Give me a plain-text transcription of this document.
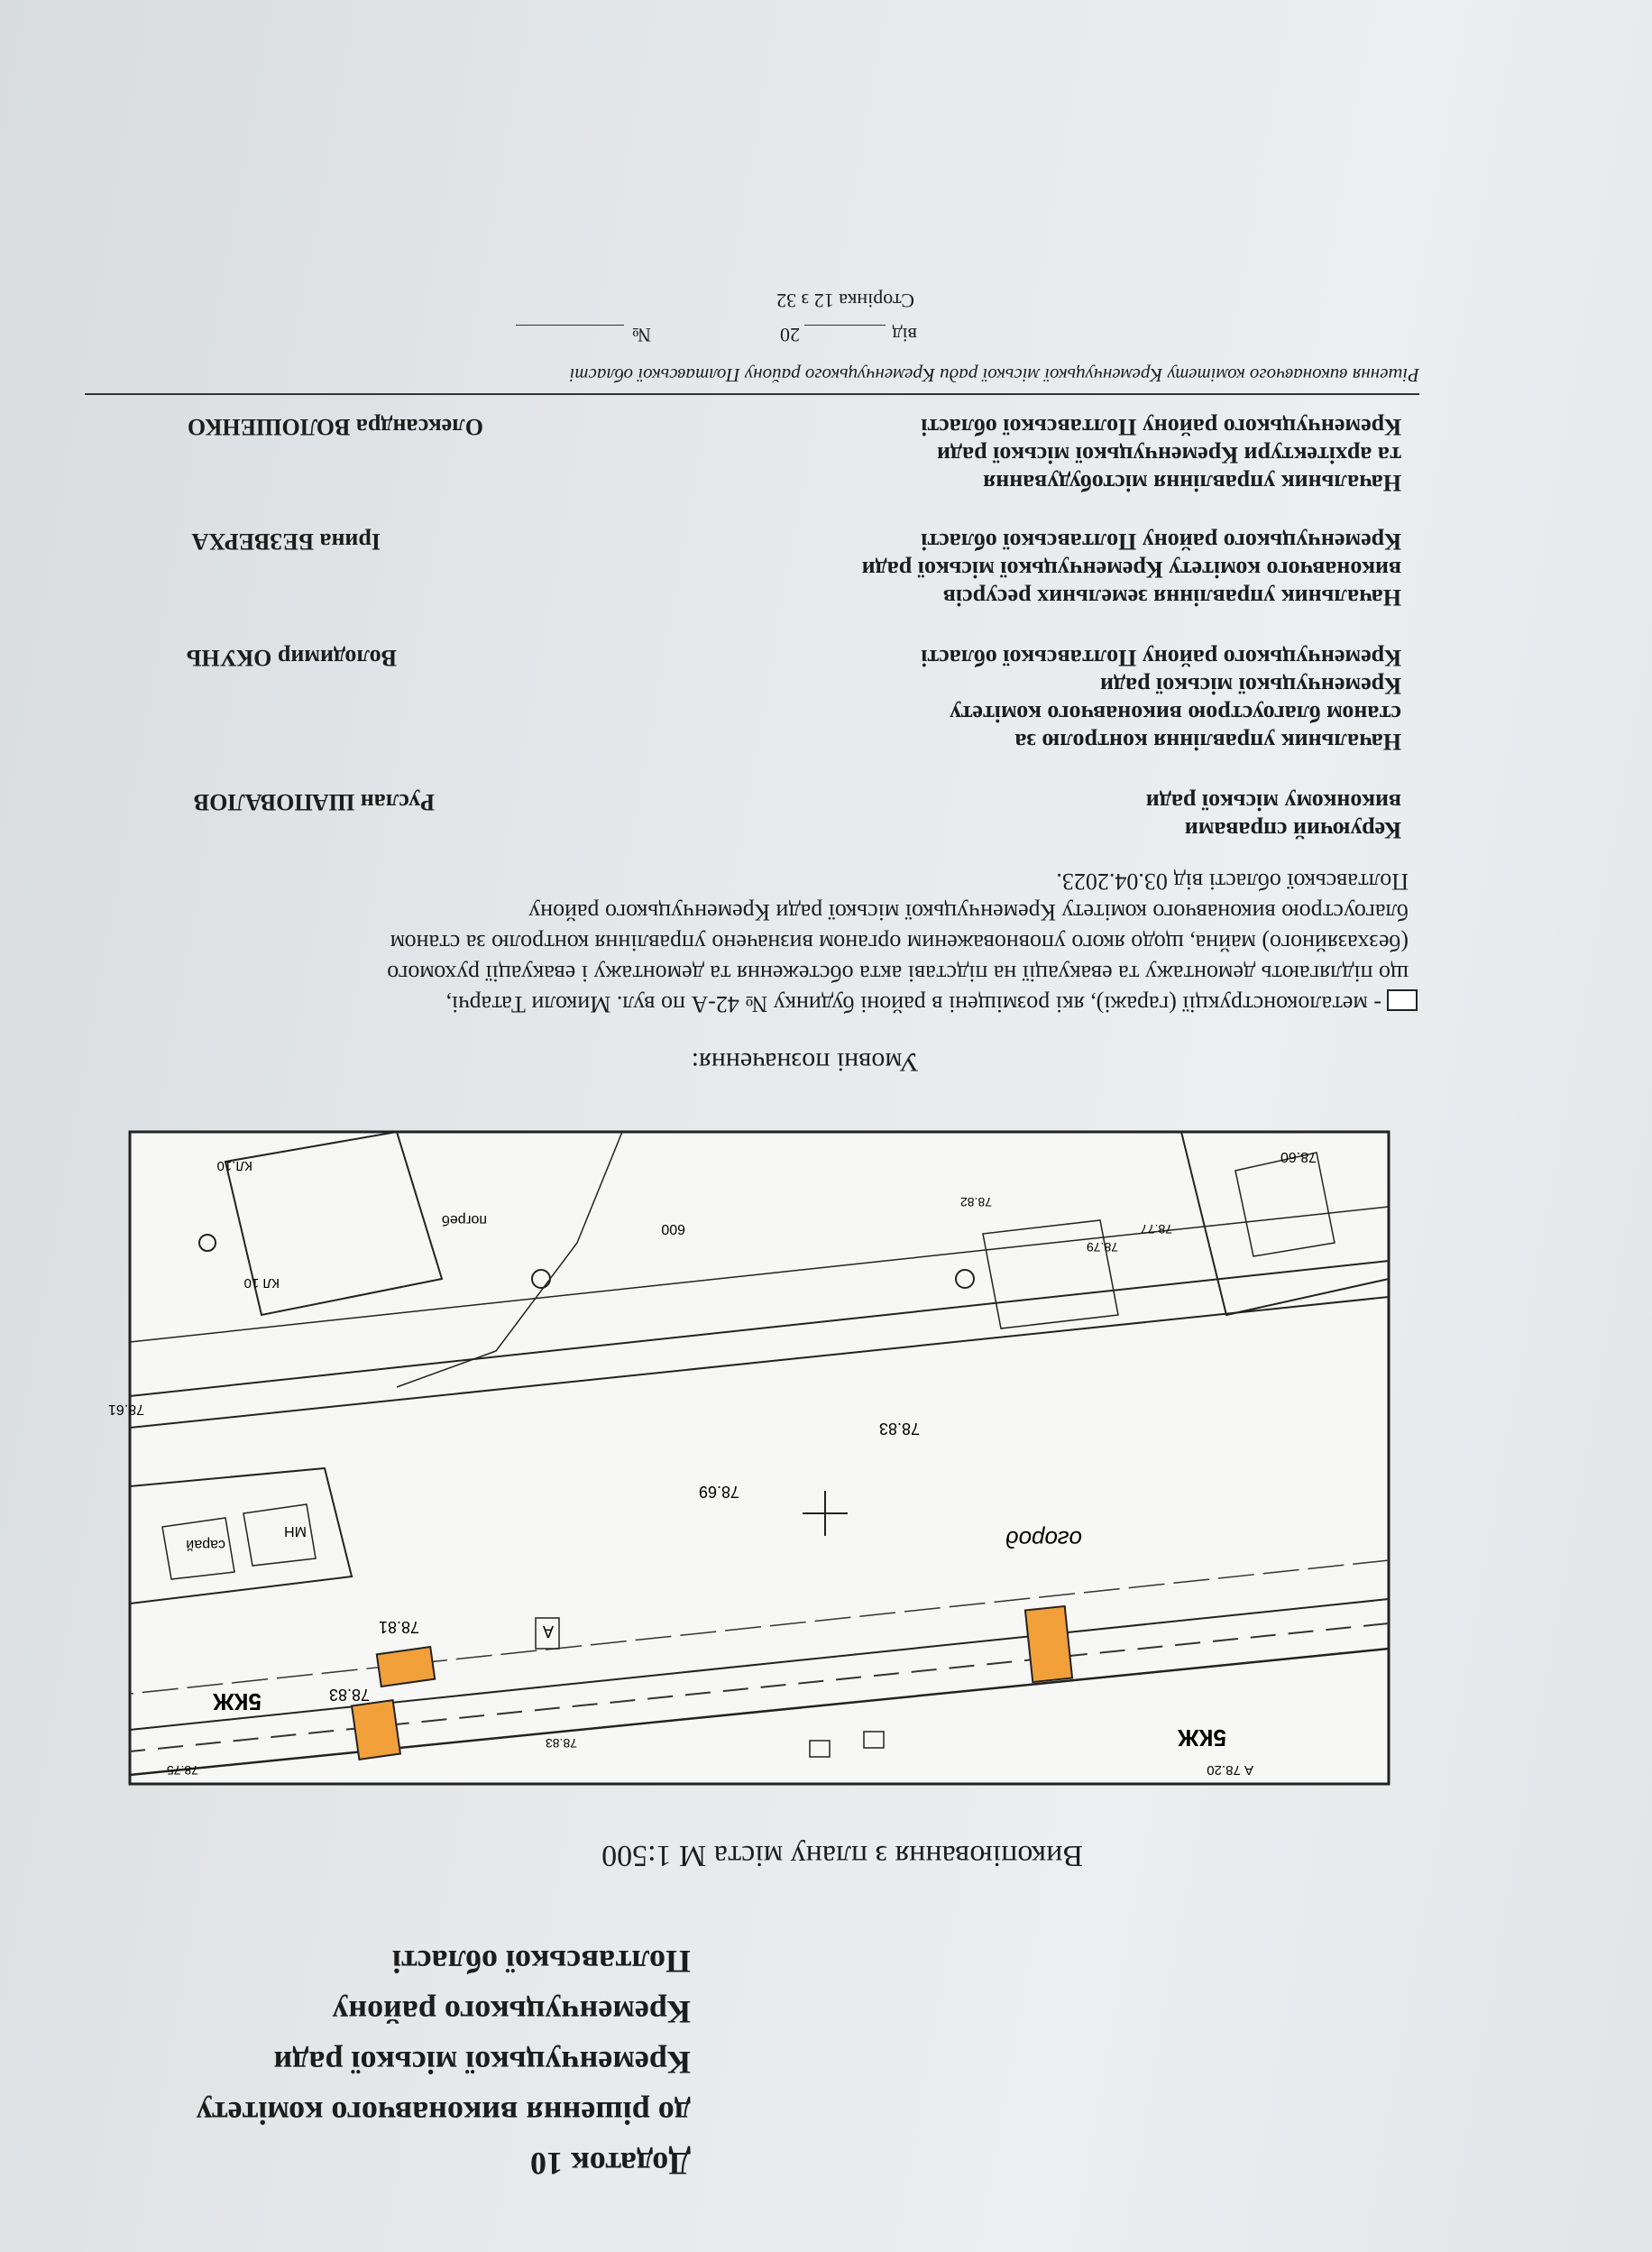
Додаток 10
до рішення виконавчого комітету
Кременчуцької міської ради
Кременчуцького району
Полтавської області
Викопіювання з плану міста М 1:500
5КЖ
5КЖ
огород
78.81
78.83
78.69
78.83
78.60
78.61
А
МН
сарай
погреб
600
КЛ.10
А 78.20
78.77
78.79
78.82
78.75
78.83
КЛ 10
Умовні позначення:
- металоконструкції (гаражі), які розміщені в районі будинку № 42-А по вул. Миколи Татарчі,
що підлягають демонтажу та евакуації на підставі акта обстеження та демонтажу і евакуації рухомого
(безхазяйного) майна, щодо якого уповноваженим органом визначено управління контролю за станом
благоустрою виконавчого комітету Кременчуцької міської ради Кременчуцького району
Полтавської області від 03.04.2023.
Керуючий справами
виконкому міської ради
Руслан ШАПОВАЛОВ
Начальник управління контролю за
станом благоустрою виконавчого комітету
Кременчуцької міської ради
Кременчуцького району Полтавської області
Володимир ОКУНЬ
Начальник управління земельних ресурсів
виконавчого комітету Кременчуцької міської ради
Кременчуцького району Полтавської області
Ірина БЕЗВЕРХА
Начальник управління містобудування
та архітектури Кременчуцької міської ради
Кременчуцького району Полтавської області
Олександра ВОЛОШЕНКО
Рішення виконавчого комітету Кременчуцької міської ради Кременчуцького району Полтавської області
від
20
№
Сторінка 12 з 32
